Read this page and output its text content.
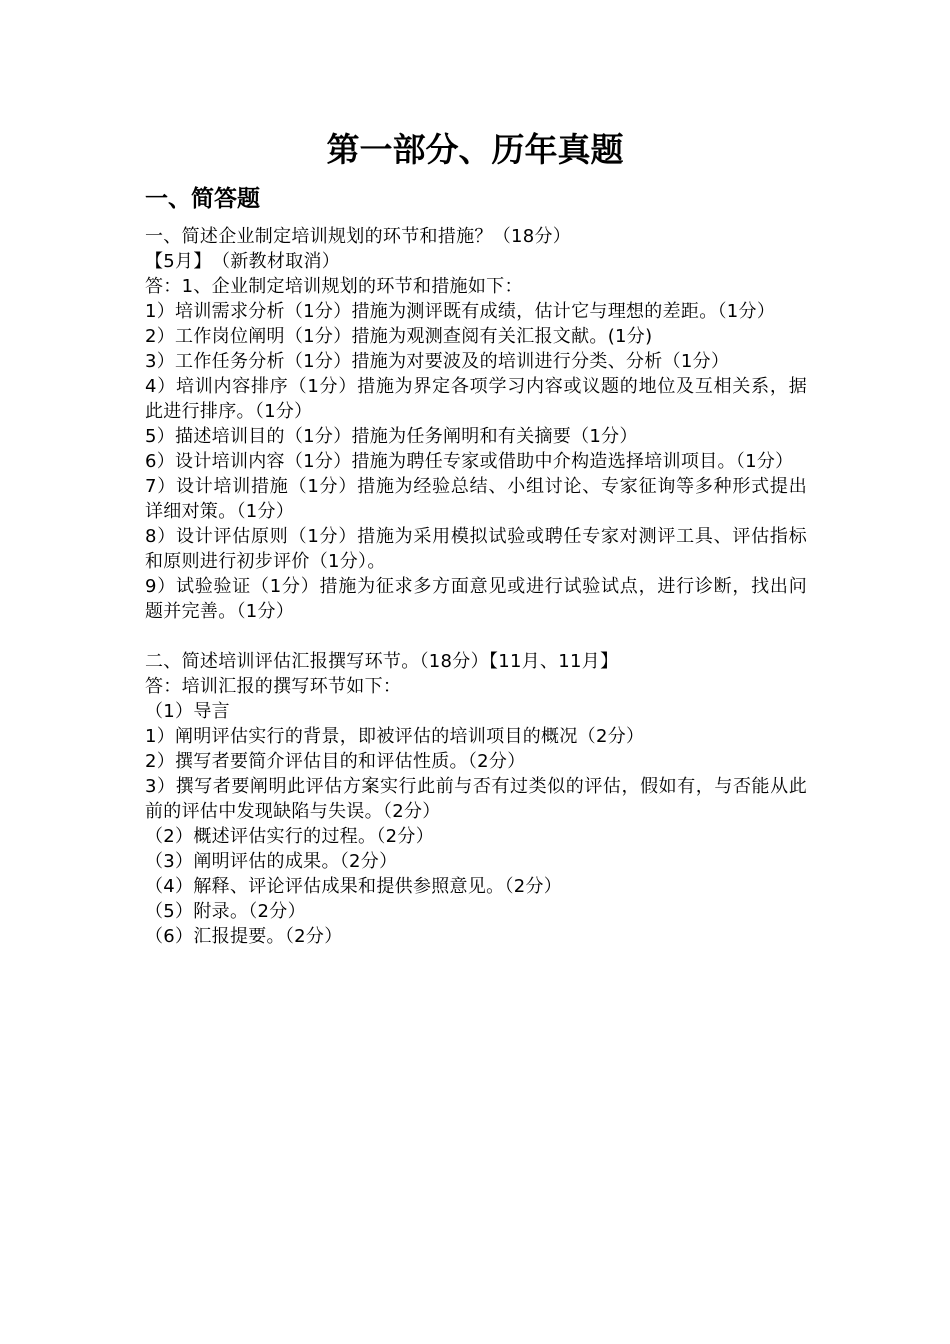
第一部分、历年真题
一、简答题

一、简述企业制定培训规划的环节和措施？（18分）

【5月】　（新教材取消）

答：1、企业制定培训规划的环节和措施如下：

1）培训需求分析（1分）措施为测评既有成绩，估计它与理想的差距。（1分）

2）工作岗位阐明（1分）措施为观测查阅有关汇报文献。(1分)

3）工作任务分析（1分）措施为对要波及的培训进行分类、分析（1分）

4）培训内容排序（1分）措施为界定各项学习内容或议题的地位及互相关系，据此进行排序。（1分）

5）描述培训目的（1分）措施为任务阐明和有关摘要（1分）

6）设计培训内容（1分）措施为聘任专家或借助中介构造选择培训项目。（1分）

7）设计培训措施（1分）措施为经验总结、小组讨论、专家征询等多种形式提出详细对策。（1分）

8）设计评估原则（1分）措施为采用模拟试验或聘任专家对测评工具、评估指标和原则进行初步评价（1分）。

9）试验验证（1分）措施为征求多方面意见或进行试验试点，进行诊断，找出问题并完善。（1分）

二、简述培训评估汇报撰写环节。（18分）【11月、11月】

答：培训汇报的撰写环节如下：

（1）导言

1）阐明评估实行的背景，即被评估的培训项目的概况（2分）

2）撰写者要简介评估目的和评估性质。（2分）

3）撰写者要阐明此评估方案实行此前与否有过类似的评估，假如有，与否能从此前的评估中发现缺陷与失误。（2分）

（2）概述评估实行的过程。（2分）

（3）阐明评估的成果。（2分）

（4）解释、评论评估成果和提供参照意见。（2分）

（5）附录。（2分）

（6）汇报提要。（2分）
